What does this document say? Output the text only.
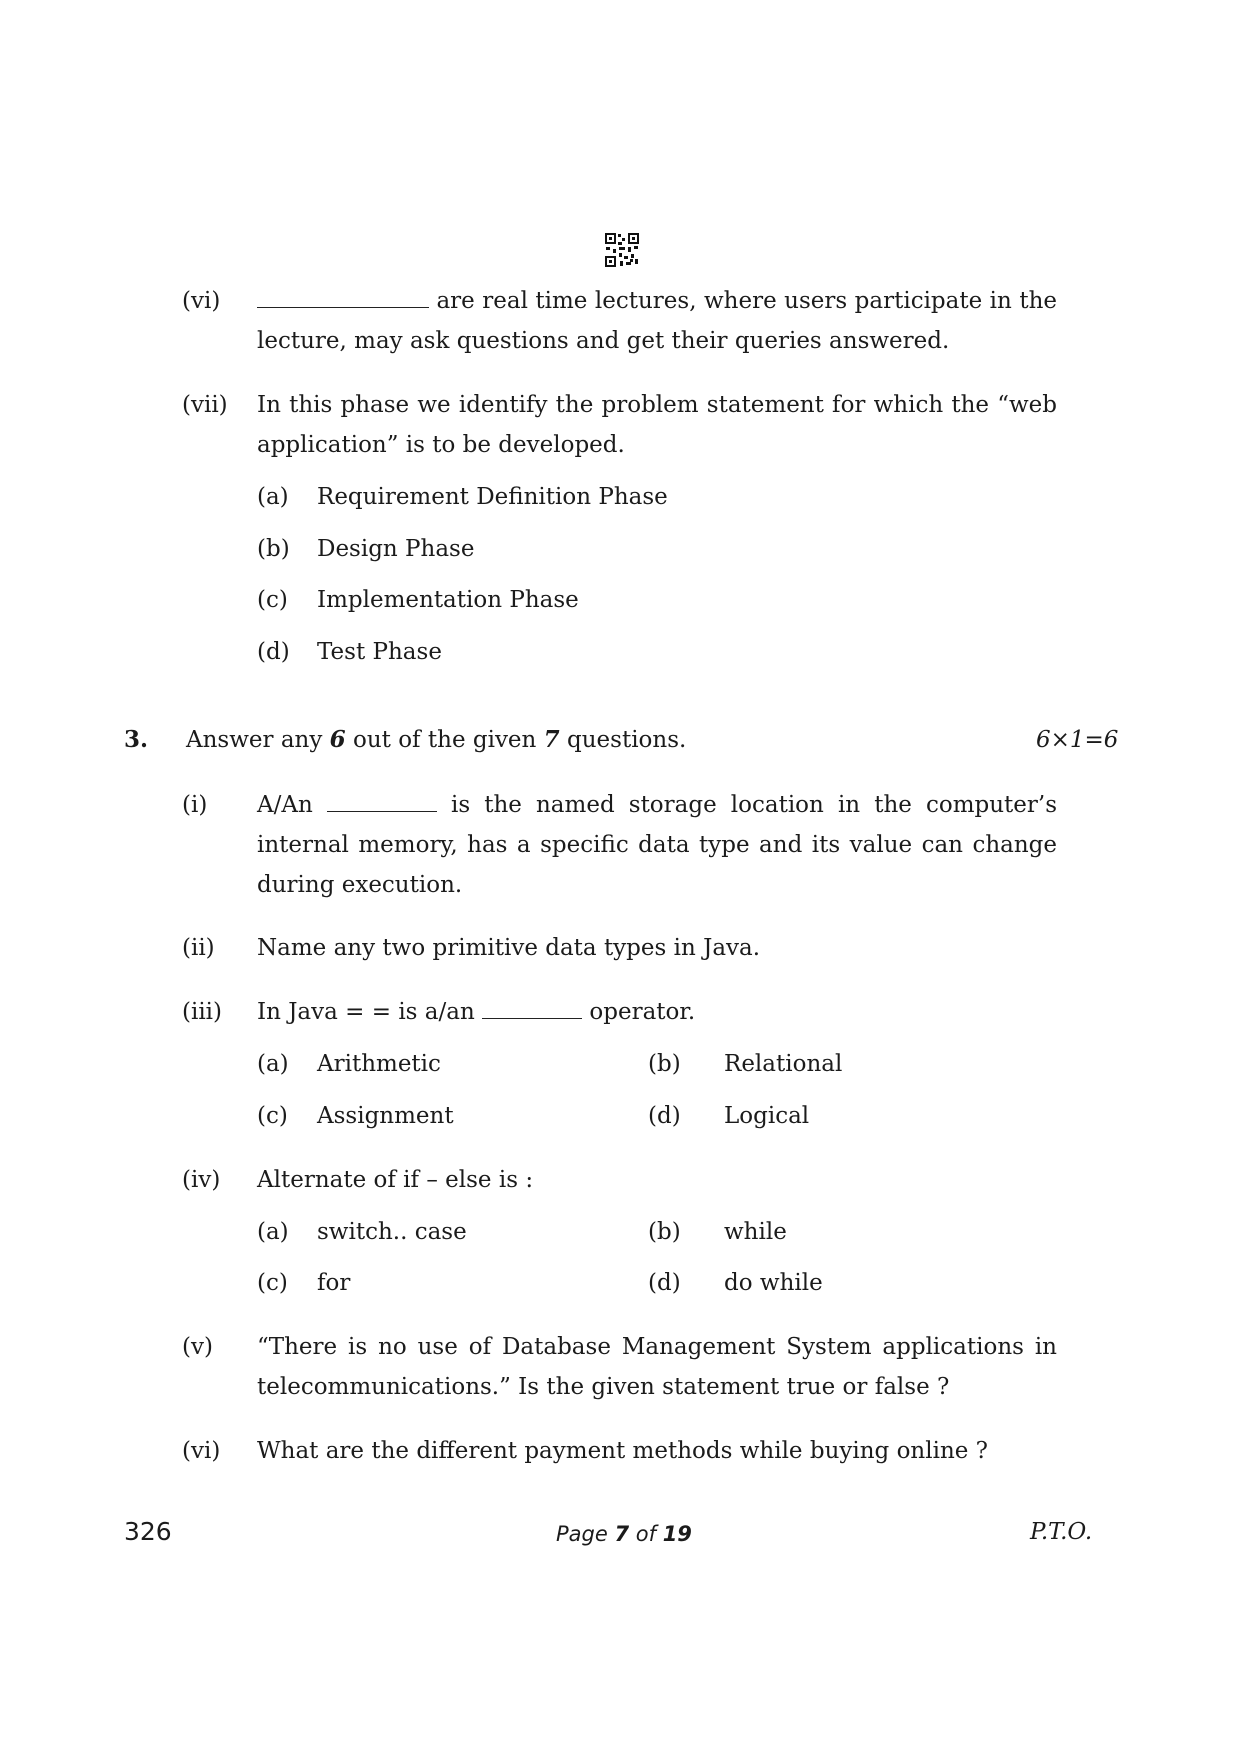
(vi)	are real time lectures, where users participate in the lecture, may ask questions and get their queries answered.
(vii) In this phase we identify the problem statement for which the “web application” is to be developed.
(a) Requirement Definition Phase
(b) Design Phase
(c) Implementation Phase
(d) Test Phase
3. Answer any 6 out of the given 7 questions.	6×1=6
(i) A/An	is the named storage location in the computer’s internal memory, has a specific data type and its value can change during execution.
(ii) Name any two primitive data types in Java.
(iii) In Java = = is a/an	operator.
(a) Arithmetic	(b) Relational
(c) Assignment	(d) Logical
(iv) Alternate of if – else is :
(a) switch.. case	(b) while
(c) for	(d) do while
(v) “There is no use of Database Management System applications in telecommunications.” Is the given statement true or false ?
(vi) What are the different payment methods while buying online ?
326	Page 7 of 19	P.T.O.
